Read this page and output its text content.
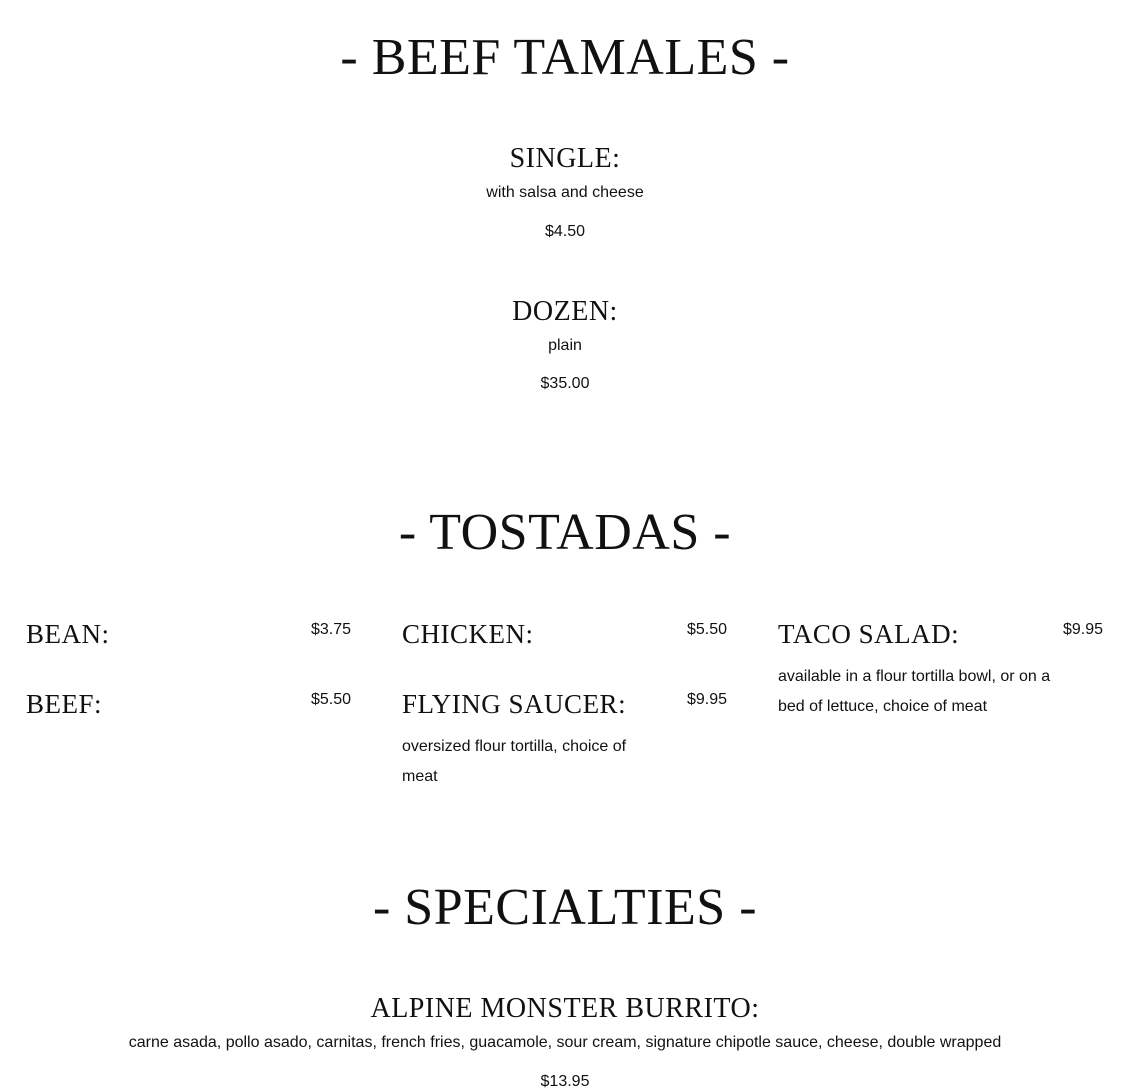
- BEEF TAMALES -
SINGLE:

with salsa and cheese

$4.50

DOZEN:

plain

$35.00

- TOSTADAS -
BEAN:	$3.75

BEEF:	$5.50

CHICKEN:	$5.50

FLYING SAUCER:	$9.95

oversized flour tortilla, choice of meat

TACO SALAD:	$9.95

available in a flour tortilla bowl, or on a bed of lettuce, choice of meat

- SPECIALTIES -
ALPINE MONSTER BURRITO:

carne asada, pollo asado, carnitas, french fries, guacamole, sour cream, signature chipotle sauce, cheese, double wrapped

$13.95
